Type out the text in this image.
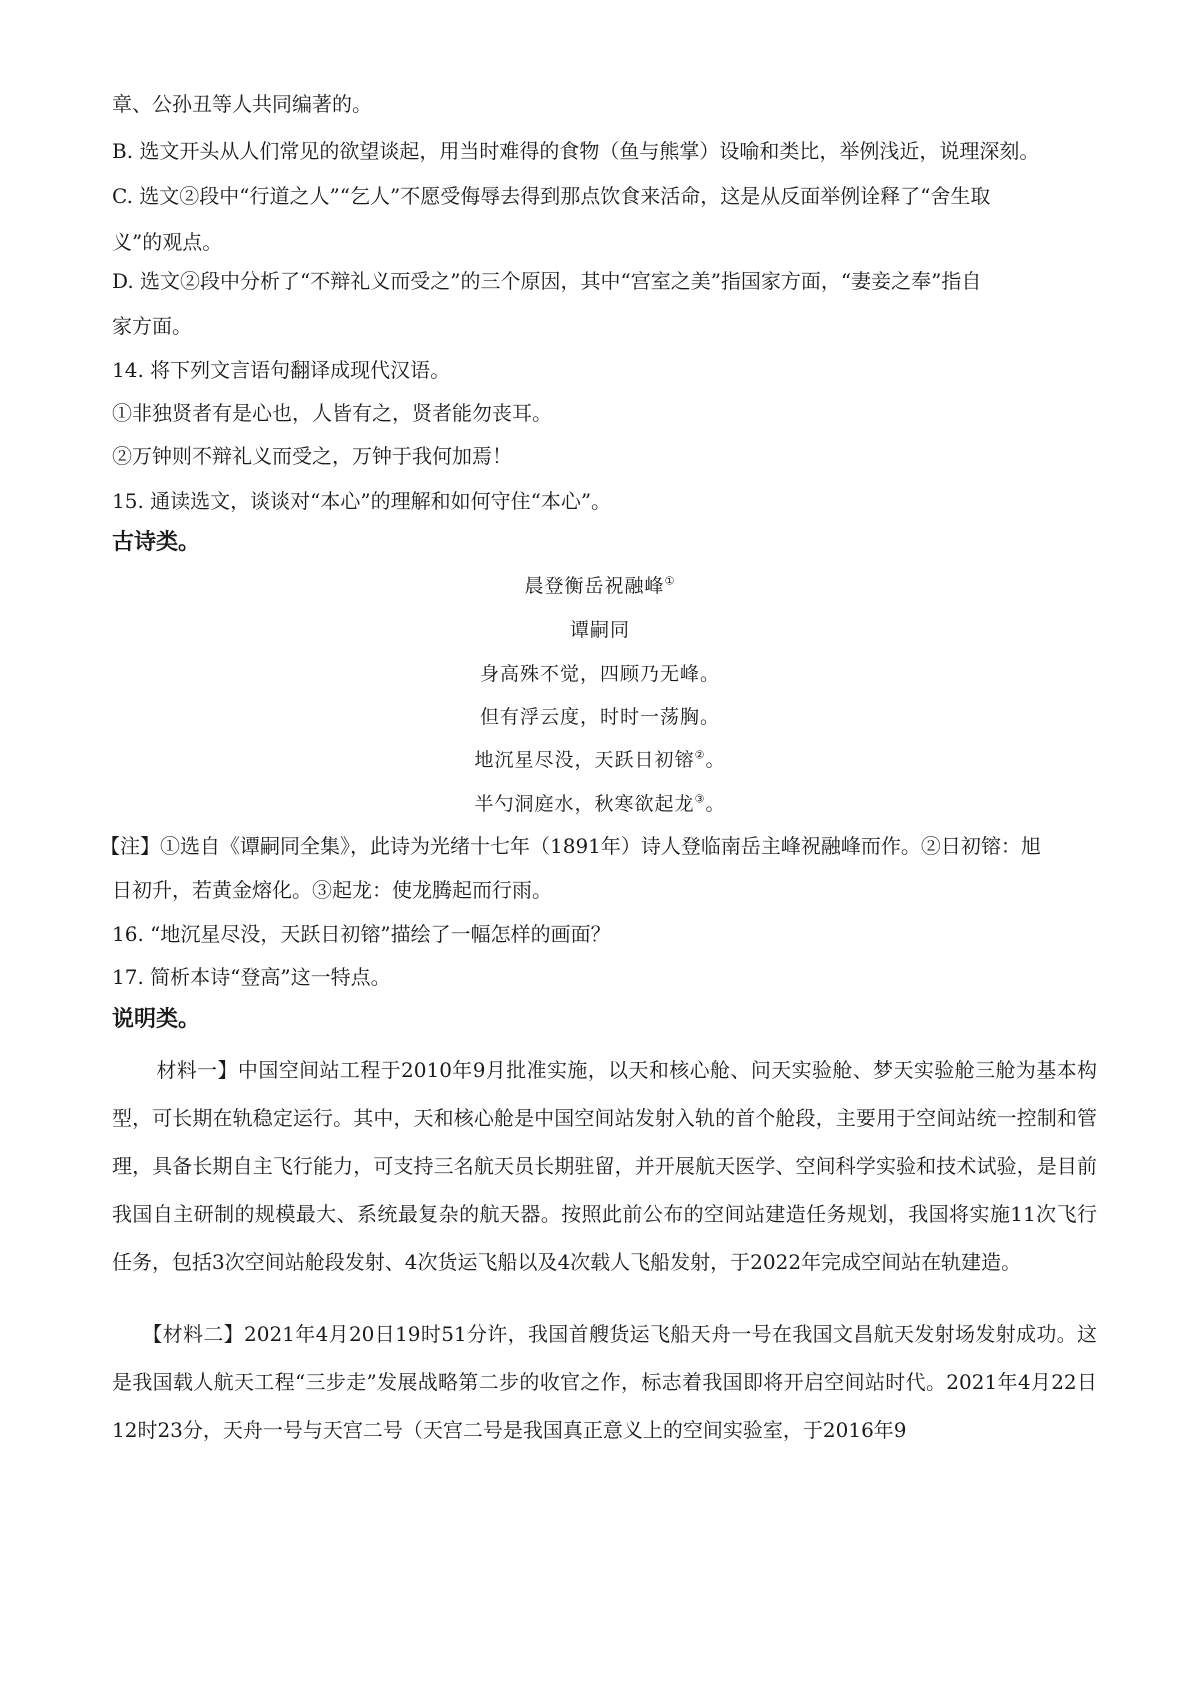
章、公孙丑等人共同编著的。
B. 选文开头从人们常见的欲望谈起，用当时难得的食物（鱼与熊掌）设喻和类比，举例浅近，说理深刻。
C. 选文②段中“行道之人”“乞人”不愿受侮辱去得到那点饮食来活命，这是从反面举例诠释了“舍生取
义”的观点。
D. 选文②段中分析了“不辩礼义而受之”的三个原因，其中“宫室之美”指国家方面，“妻妾之奉”指自
家方面。
14. 将下列文言语句翻译成现代汉语。
①非独贤者有是心也，人皆有之，贤者能勿丧耳。
②万钟则不辩礼义而受之，万钟于我何加焉！
15. 通读选文，谈谈对“本心”的理解和如何守住“本心”。
古诗类。
晨登衡岳祝融峰①
谭嗣同
身高殊不觉，四顾乃无峰。
但有浮云度，时时一荡胸。
地沉星尽没，天跃日初镕②。
半勺洞庭水，秋寒欲起龙③。
【注】①选自《谭嗣同全集》，此诗为光绪十七年（1891年）诗人登临南岳主峰祝融峰而作。②日初镕：旭
日初升，若黄金熔化。③起龙：使龙腾起而行雨。
16. “地沉星尽没，天跃日初镕”描绘了一幅怎样的画面？
17. 简析本诗“登高”这一特点。
说明类。
材料一】中国空间站工程于2010年9月批准实施，以天和核心舱、问天实验舱、梦天实验舱三舱为基本构型，可长期在轨稳定运行。其中，天和核心舱是中国空间站发射入轨的首个舱段，主要用于空间站统一控制和管理，具备长期自主飞行能力，可支持三名航天员长期驻留，并开展航天医学、空间科学实验和技术试验，是目前我国自主研制的规模最大、系统最复杂的航天器。按照此前公布的空间站建造任务规划，我国将实施11次飞行任务，包括3次空间站舱段发射、4次货运飞船以及4次载人飞船发射，于2022年完成空间站在轨建造。
【材料二】2021年4月20日19时51分许，我国首艘货运飞船天舟一号在我国文昌航天发射场发射成功。这是我国载人航天工程“三步走”发展战略第二步的收官之作，标志着我国即将开启空间站时代。2021年4月22日12时23分，天舟一号与天宫二号（天宫二号是我国真正意义上的空间实验室，于2016年9
